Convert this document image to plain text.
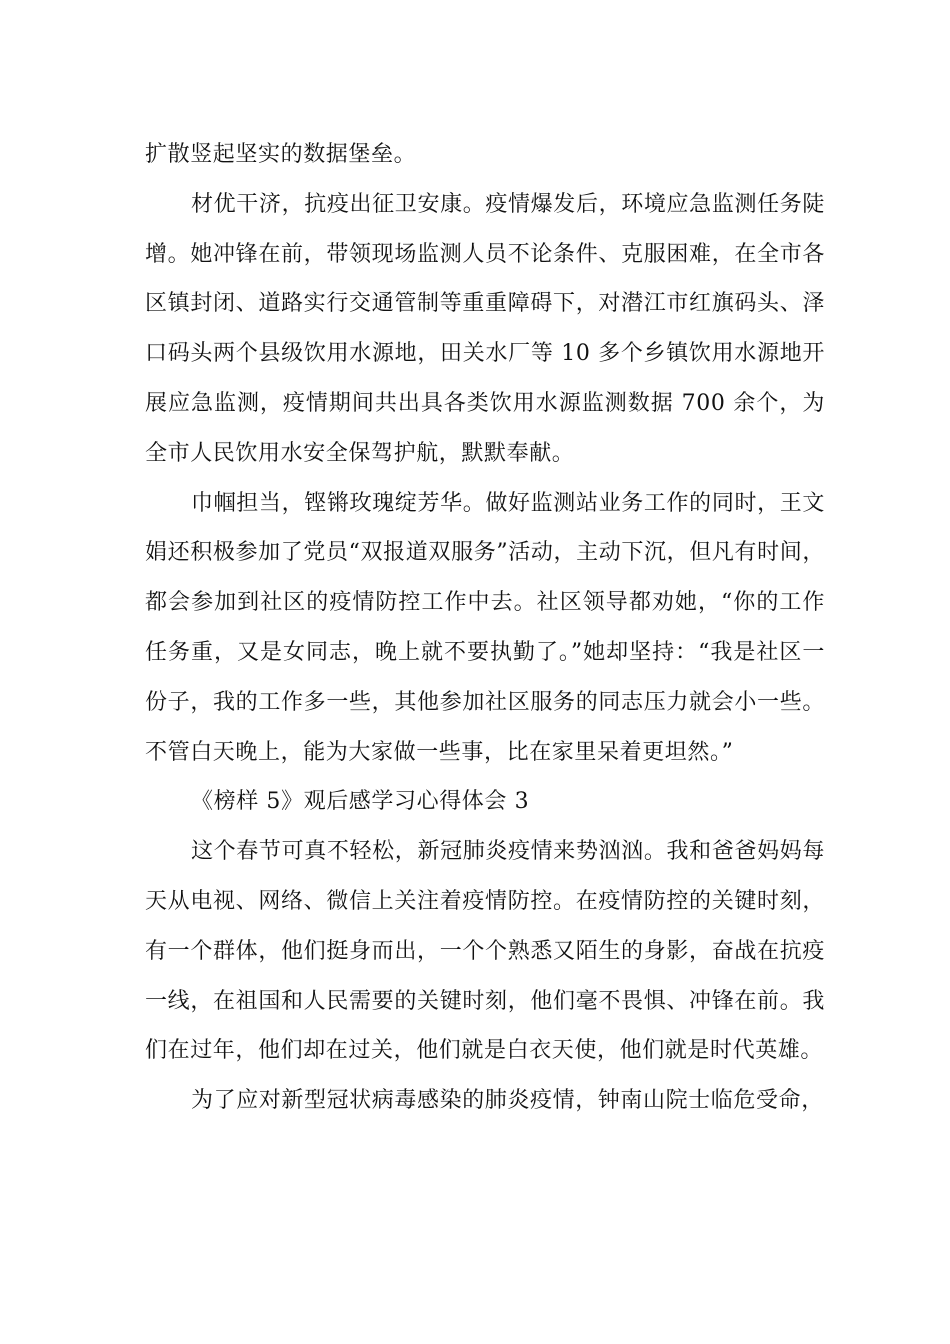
扩散竖起坚实的数据堡垒。

材优干济，抗疫出征卫安康。疫情爆发后，环境应急监测任务陡增。她冲锋在前，带领现场监测人员不论条件、克服困难，在全市各区镇封闭、道路实行交通管制等重重障碍下，对潜江市红旗码头、泽口码头两个县级饮用水源地，田关水厂等 10 多个乡镇饮用水源地开展应急监测，疫情期间共出具各类饮用水源监测数据 700 余个，为全市人民饮用水安全保驾护航，默默奉献。

巾帼担当，铿锵玫瑰绽芳华。做好监测站业务工作的同时，王文娟还积极参加了党员“双报道双服务”活动，主动下沉，但凡有时间，都会参加到社区的疫情防控工作中去。社区领导都劝她，“你的工作任务重，又是女同志，晚上就不要执勤了。”她却坚持：“我是社区一份子，我的工作多一些，其他参加社区服务的同志压力就会小一些。不管白天晚上，能为大家做一些事，比在家里呆着更坦然。”

《榜样 5》观后感学习心得体会 3

这个春节可真不轻松，新冠肺炎疫情来势汹汹。我和爸爸妈妈每天从电视、网络、微信上关注着疫情防控。在疫情防控的关键时刻，有一个群体，他们挺身而出，一个个熟悉又陌生的身影，奋战在抗疫一线，在祖国和人民需要的关键时刻，他们毫不畏惧、冲锋在前。我们在过年，他们却在过关，他们就是白衣天使，他们就是时代英雄。

为了应对新型冠状病毒感染的肺炎疫情，钟南山院士临危受命，
